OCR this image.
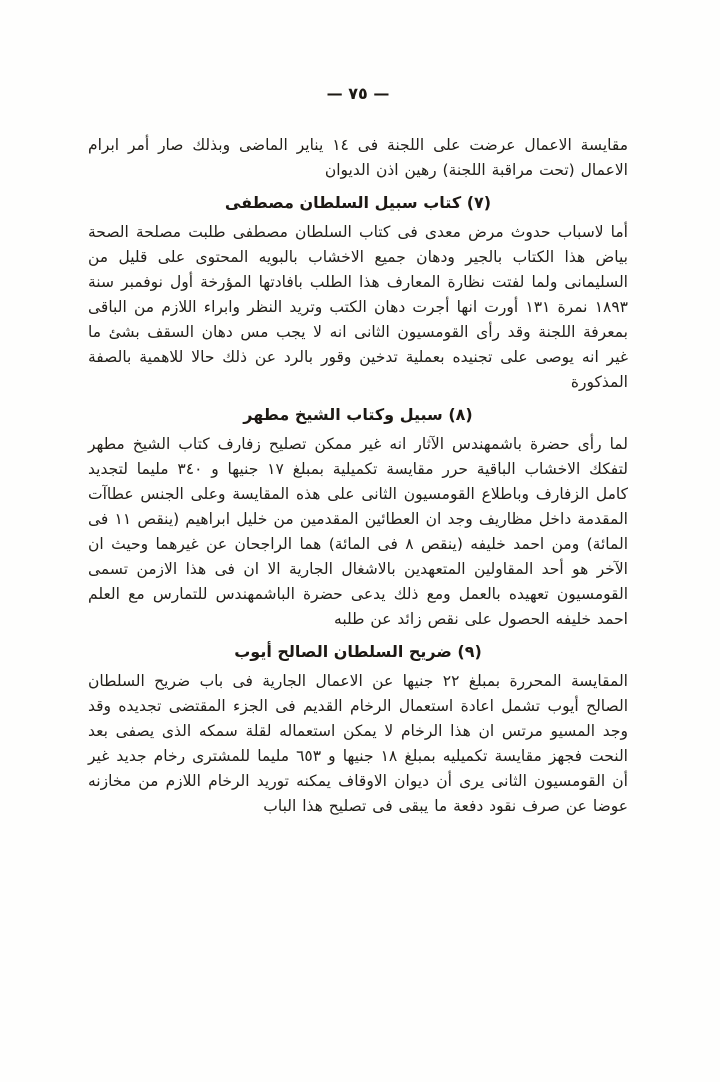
— ٧٥ —

مقايسة الاعمال عرضت على اللجنة فى ١٤ يناير الماضى وبذلك صار أمر ابرام الاعمال (تحت مراقبة اللجنة) رهين اذن الديوان

(٧) كتاب سبيل السلطان مصطفى

أما لاسباب حدوث مرض معدى فى كتاب السلطان مصطفى طلبت مصلحة الصحة بياض هذا الكتاب بالجير ودهان جميع الاخشاب بالبويه المحتوى على قليل من السليمانى ولما لفتت نظارة المعارف هذا الطلب بافادتها المؤرخة أول نوفمبر سنة ١٨٩٣ نمرة ١٣١ أورت انها أجرت دهان الكتب وتريد النظر وابراء اللازم من الباقى بمعرفة اللجنة وقد رأى القومسيون الثانى انه لا يجب مس دهان السقف بشئ ما غير انه يوصى على تجنيده بعملية تدخين وقور بالرد عن ذلك حالا للاهمية بالصفة المذكورة

(٨) سبيل وكتاب الشيخ مطهر

لما رأى حضرة باشمهندس الآثار انه غير ممكن تصليح زفارف كتاب الشيخ مطهر لتفكك الاخشاب الباقية حرر مقايسة تكميلية بمبلغ ١٧ جنيها و ٣٤٠ مليما لتجديد كامل الزفارف وباطلاع القومسيون الثانى على هذه المقايسة وعلى الجنس عطاآت المقدمة داخل مظاريف وجد ان العطائين المقدمين من خليل ابراهيم (ينقص ١١ فى المائة) ومن احمد خليفه (ينقص ٨ فى المائة) هما الراجحان عن غيرهما وحيث ان الآخر هو أحد المقاولين المتعهدين بالاشغال الجارية الا ان فى هذا الازمن تسمى القومسيون تعهيده بالعمل ومع ذلك يدعى حضرة الباشمهندس للتمارس مع العلم احمد خليفه الحصول على نقص زائد عن طلبه

(٩) ضريح السلطان الصالح أيوب

المقايسة المحررة بمبلغ ٢٢ جنيها عن الاعمال الجارية فى باب ضريح السلطان الصالح أيوب تشمل اعادة استعمال الرخام القديم فى الجزء المقتضى تجديده وقد وجد المسيو مرتس ان هذا الرخام لا يمكن استعماله لقلة سمكه الذى يصفى بعد النحت فجهز مقايسة تكميليه بمبلغ ١٨ جنيها و ٦٥٣ مليما للمشترى رخام جديد غير أن القومسيون الثانى يرى أن ديوان الاوقاف يمكنه توريد الرخام اللازم من مخازنه عوضا عن صرف نقود دفعة ما يبقى فى تصليح هذا الباب
